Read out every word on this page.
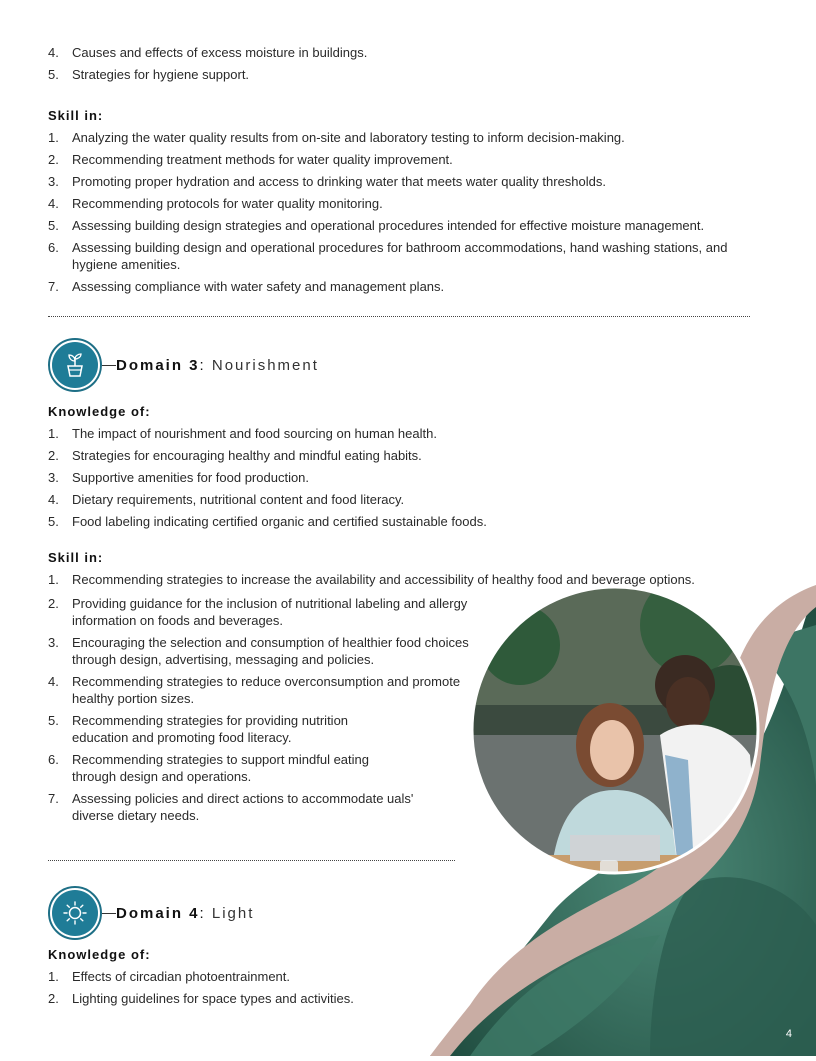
4. Causes and effects of excess moisture in buildings.
5. Strategies for hygiene support.

Skill in:

1. Analyzing the water quality results from on-site and laboratory testing to inform decision-making.
2. Recommending treatment methods for water quality improvement.
3. Promoting proper hydration and access to drinking water that meets water quality thresholds.
4. Recommending protocols for water quality monitoring.
5. Assessing building design strategies and operational procedures intended for effective moisture management.
6. Assessing building design and operational procedures for bathroom accommodations, hand washing stations, and hygiene amenities.
7. Assessing compliance with water safety and management plans.
Domain 3: Nourishment

Knowledge of:

1. The impact of nourishment and food sourcing on human health.
2. Strategies for encouraging healthy and mindful eating habits.
3. Supportive amenities for food production.
4. Dietary requirements, nutritional content and food literacy.
5. Food labeling indicating certified organic and certified sustainable foods.

Skill in:

1. Recommending strategies to increase the availability and accessibility of healthy food and beverage options.
2. Providing guidance for the inclusion of nutritional labeling and allergy information on foods and beverages.
3. Encouraging the selection and consumption of healthier food choices through design, advertising, messaging and policies.
4. Recommending strategies to reduce overconsumption and promote healthy portion sizes.
5. Recommending strategies for providing nutrition education and promoting food literacy.
6. Recommending strategies to support mindful eating through design and operations.
7. Assessing policies and direct actions to accommodate uals' diverse dietary needs.
Domain 4: Light

Knowledge of:

1. Effects of circadian photoentrainment.
2. Lighting guidelines for space types and activities.
4
